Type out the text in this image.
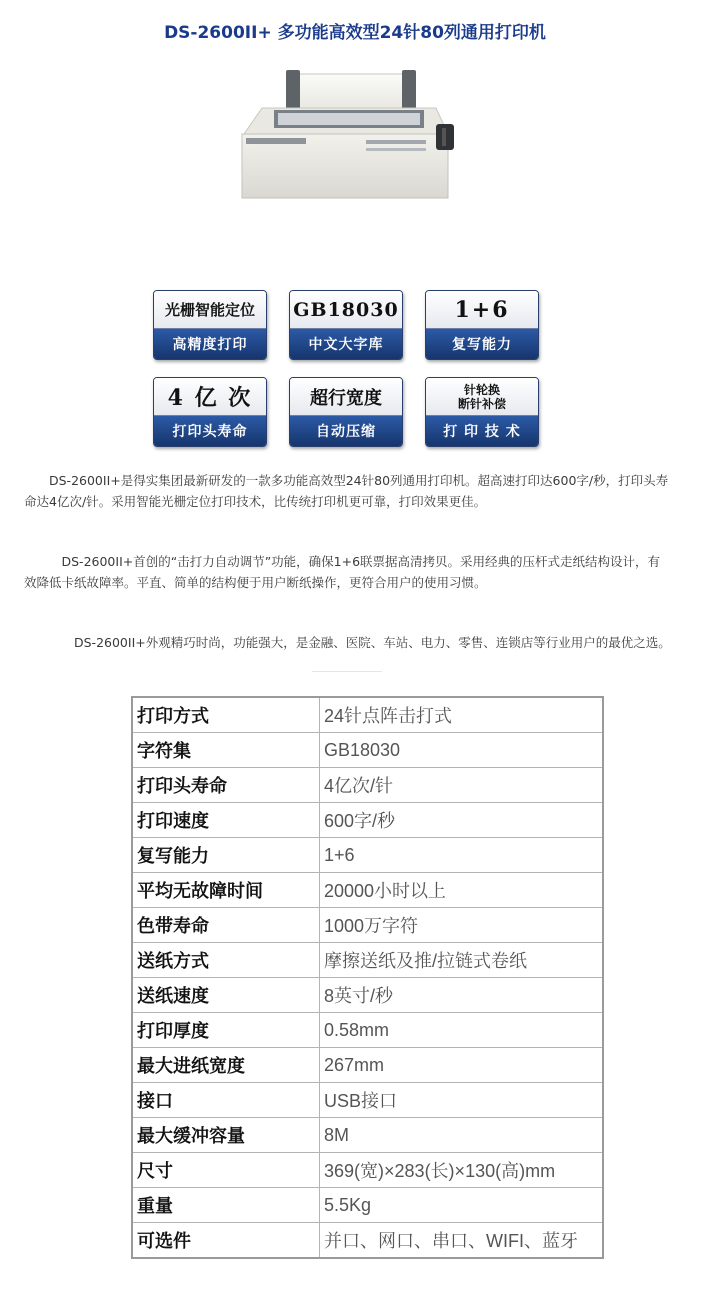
DS-2600II+ 多功能高效型24针80列通用打印机
光栅智能定位
高精度打印
GB18030
中文大字库
1+6
复写能力
4 亿 次
打印头寿命
超行宽度
自动压缩
针轮换
断针补偿
打 印 技 术
　　DS-2600II+是得实集团最新研发的一款多功能高效型24针80列通用打印机。超高速打印达600字/秒，打印头寿命达4亿次/针。采用智能光栅定位打印技术，比传统打印机更可靠，打印效果更佳。
　　　DS-2600II+首创的“击打力自动调节”功能，确保1+6联票据高清拷贝。采用经典的压杆式走纸结构设计，有效降低卡纸故障率。平直、简单的结构便于用户断纸操作，更符合用户的使用习惯。
　　　　DS-2600II+外观精巧时尚，功能强大，是金融、医院、车站、电力、零售、连锁店等行业用户的最优之选。
打印方式	24针点阵击打式
字符集	GB18030
打印头寿命	4亿次/针
打印速度	600字/秒
复写能力	1+6
平均无故障时间	20000小时以上
色带寿命	1000万字符
送纸方式	摩擦送纸及推/拉链式卷纸
送纸速度	8英寸/秒
打印厚度	0.58mm
最大进纸宽度	267mm
接口	USB接口
最大缓冲容量	8M
尺寸	369(宽)×283(长)×130(高)mm
重量	5.5Kg
可选件	并口、网口、串口、WIFI、蓝牙
